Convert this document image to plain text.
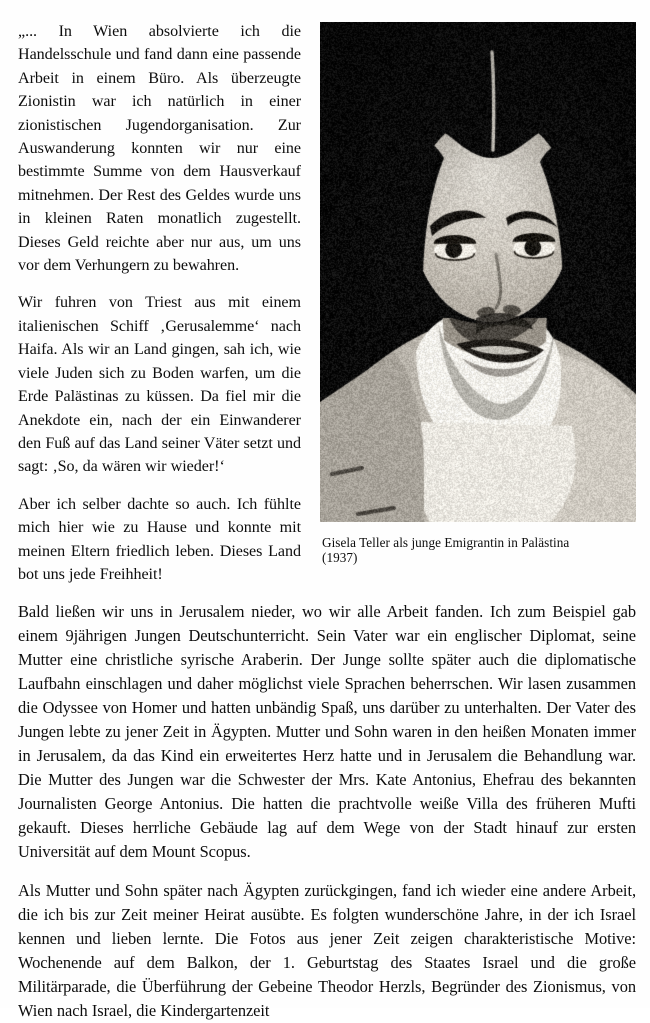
„... In Wien absolvierte ich die Handelsschule und fand dann eine passende Arbeit in einem Büro. Als überzeugte Zionistin war ich natürlich in einer zionistischen Jugendorganisation. Zur Auswanderung konnten wir nur eine bestimmte Summe von dem Hausverkauf mitnehmen. Der Rest des Geldes wurde uns in kleinen Raten monatlich zugestellt. Dieses Geld reichte aber nur aus, um uns vor dem Verhungern zu bewahren.

Wir fuhren von Triest aus mit einem italienischen Schiff ‚Gerusalemme‘ nach Haifa. Als wir an Land gingen, sah ich, wie viele Juden sich zu Boden warfen, um die Erde Palästinas zu küssen. Da fiel mir die Anekdote ein, nach der ein Einwanderer den Fuß auf das Land seiner Väter setzt und sagt: ‚So, da wären wir wieder!‘

Aber ich selber dachte so auch. Ich fühlte mich hier wie zu Hause und konnte mit meinen Eltern friedlich leben. Dieses Land bot uns jede Freihheit!

Gisela Teller als junge Emigrantin in Palästina
(1937)

Bald ließen wir uns in Jerusalem nieder, wo wir alle Arbeit fanden. Ich zum Beispiel gab einem 9jährigen Jungen Deutschunterricht. Sein Vater war ein englischer Diplomat, seine Mutter eine christliche syrische Araberin. Der Junge sollte später auch die diplomatische Laufbahn einschlagen und daher möglichst viele Sprachen beherrschen. Wir lasen zusammen die Odyssee von Homer und hatten unbändig Spaß, uns darüber zu unterhalten. Der Vater des Jungen lebte zu jener Zeit in Ägypten. Mutter und Sohn waren in den heißen Monaten immer in Jerusalem, da das Kind ein erweitertes Herz hatte und in Jerusalem die Behandlung war. Die Mutter des Jungen war die Schwester der Mrs. Kate Antonius, Ehefrau des bekannten Journalisten George Antonius. Die hatten die prachtvolle weiße Villa des früheren Mufti gekauft. Dieses herrliche Gebäude lag auf dem Wege von der Stadt hinauf zur ersten Universität auf dem Mount Scopus.

Als Mutter und Sohn später nach Ägypten zurückgingen, fand ich wieder eine andere Arbeit, die ich bis zur Zeit meiner Heirat ausübte. Es folgten wunderschöne Jahre, in der ich Israel kennen und lieben lernte. Die Fotos aus jener Zeit zeigen charakteristische Motive: Wochenende auf dem Balkon, der 1. Geburtstag des Staates Israel und die große Militärparade, die Überführung der Gebeine Theodor Herzls, Begründer des Zionismus, von Wien nach Israel, die Kindergartenzeit
